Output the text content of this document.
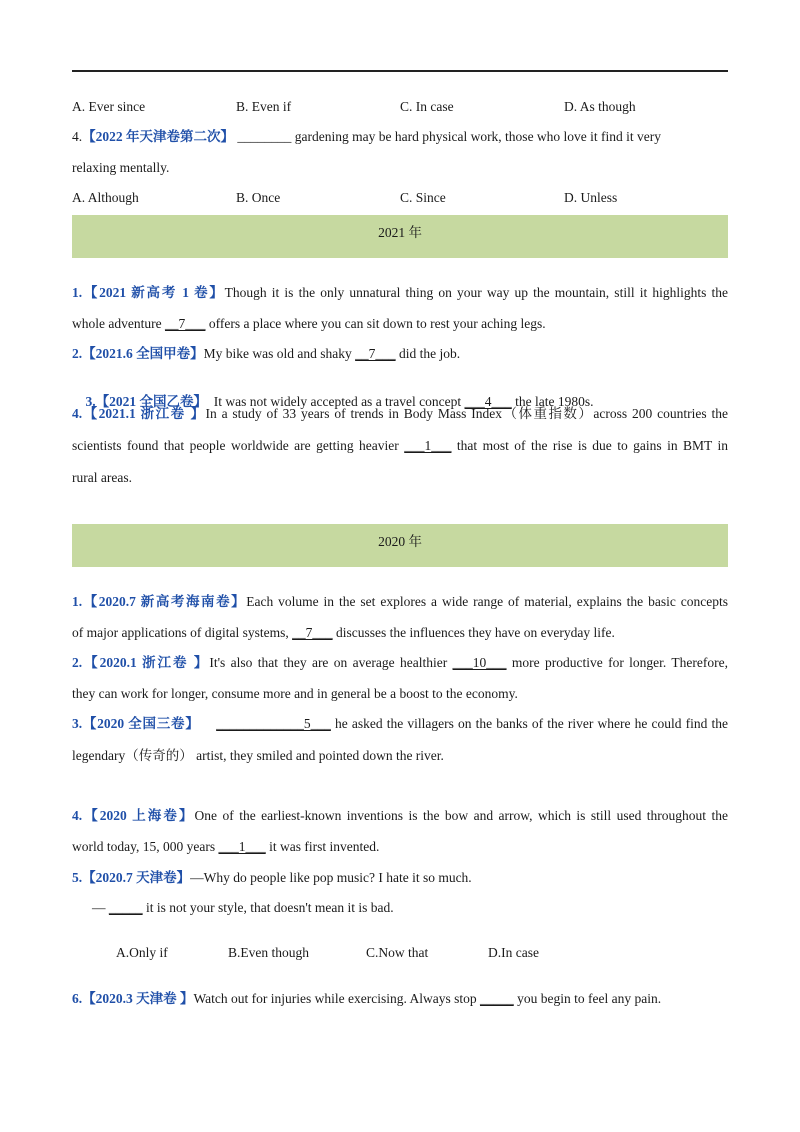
A. Ever since	B. Even if	C. In case	D. As though
4.【2022 年天津卷第二次】 ________ gardening may be hard physical work, those who love it find it very
relaxing mentally.
A. Although	B. Once	C. Since	D. Unless
2021 年
1.【2021 新高考 1 卷】Though it is the only unnatural thing on your way up the mountain, still it highlights the
whole adventure __7___ offers a place where you can sit down to rest your aching legs.
2.【2021.6 全国甲卷】My bike was old and shaky __7___ did the job.

3.【2021 全国乙卷】  It was not widely accepted as a travel concept ___4___ the late 1980s.

4.【2021.1 浙江卷 】In a study of 33 years of trends in Body Mass Index（体重指数）across 200 countries the
scientists found that people worldwide are getting heavier ___1___ that most of the rise is due to gains in BMT in
rural areas.
2020 年
1.【2020.7 新高考海南卷】Each volume in the set explores a wide range of material, explains the basic concepts
of major applications of digital systems, __7___ discusses the influences they have on everyday life.
2.【2020.1 浙江卷 】It's also that they are on average healthier ___10___ more productive for longer. Therefore,
they can work for longer, consume more and in general be a boost to the economy.
3.【2020 全国三卷】 _____________5___ he asked the villagers on the banks of the river where he could find the
legendary（传奇的） artist, they smiled and pointed down the river.
4.【2020 上海卷】One of the earliest-known inventions is the bow and arrow, which is still used throughout the
world today, 15, 000 years ___1___ it was first invented.
5.【2020.7 天津卷】—Why do people like pop music? I hate it so much.
— _____ it is not your style, that doesn't mean it is bad.
A.Only if	B.Even though	C.Now that	D.In case
6.【2020.3 天津卷 】Watch out for injuries while exercising. Always stop _____ you begin to feel any pain.
